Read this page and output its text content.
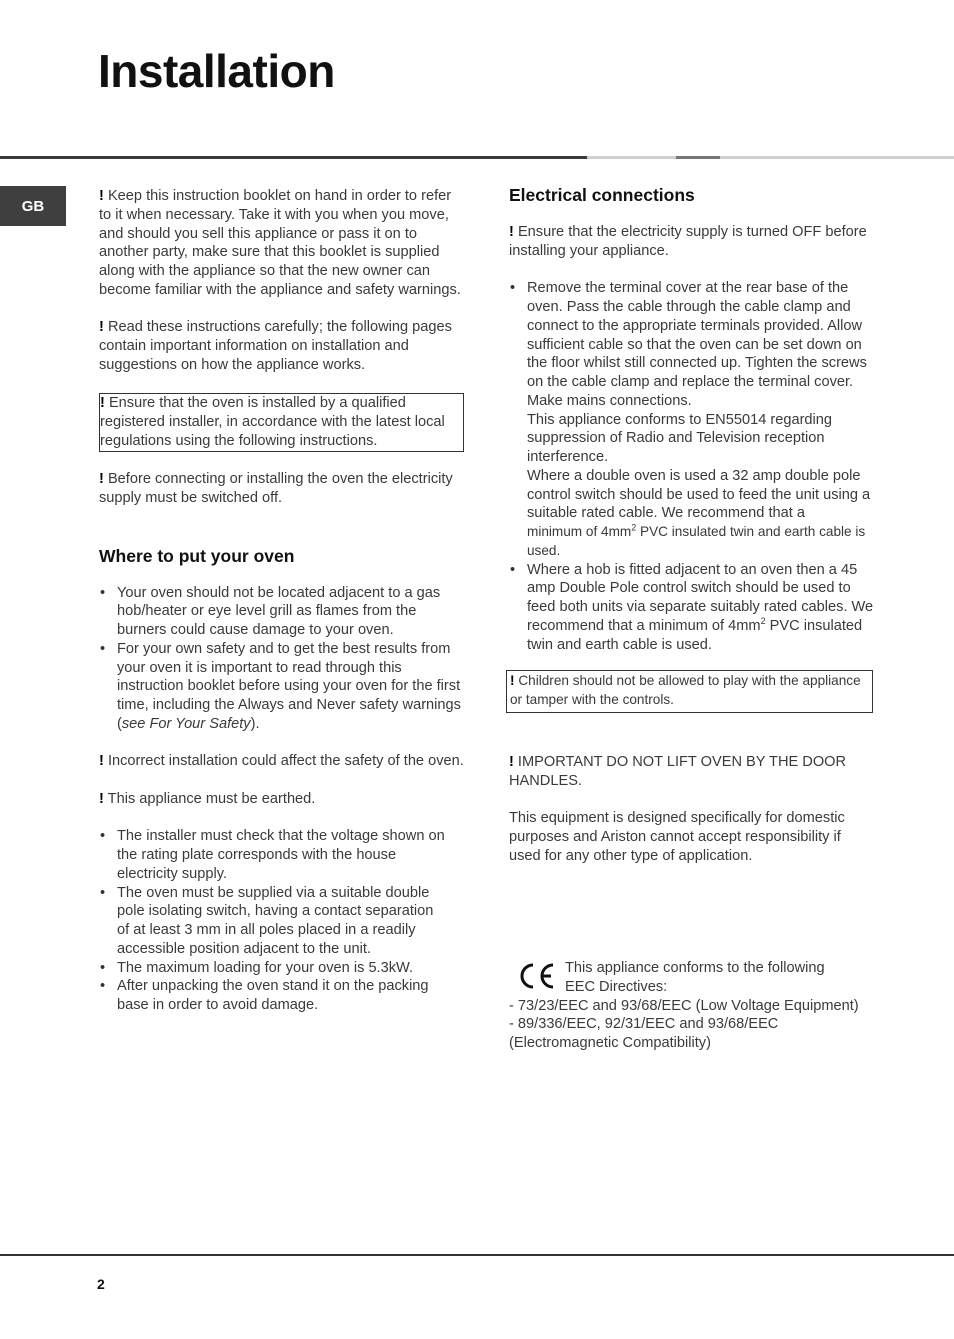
Installation
GB

! Keep this instruction booklet on hand in order to refer to it when necessary. Take it with you when you move, and should you sell this appliance or pass it on to another party, make sure that this booklet is supplied along with the appliance so that the new owner can become familiar with the appliance and safety warnings.

! Read these instructions carefully; the following pages contain important information on installation and suggestions on how the appliance works.

! Ensure that the oven is installed by a qualified registered installer, in accordance with the latest local regulations using the following instructions.

! Before connecting or installing the oven the electricity supply must be switched off.

Where to put your oven
• Your oven should not be located adjacent to a gas hob/heater or eye level grill as flames from the burners could cause damage to your oven.
• For your own safety and to get the best results from your oven it is important to read through this instruction booklet before using your oven for the first time, including the Always and Never safety warnings (see For Your Safety).

! Incorrect installation could affect the safety of the oven.

! This appliance must be earthed.

• The installer must check that the voltage shown on the rating plate corresponds with the house electricity supply.
• The oven must be supplied via a suitable double pole isolating switch, having a contact separation of at least 3 mm in all poles placed in a readily accessible position adjacent to the unit.
• The maximum loading for your oven is 5.3kW.
• After unpacking the oven stand it on the packing base in order to avoid damage.
Electrical connections

! Ensure that the electricity supply is turned OFF before installing your appliance.

• Remove the terminal cover at the rear base of the oven. Pass the cable through the cable clamp and connect to the appropriate terminals provided. Allow sufficient cable so that the oven can be set down on the floor whilst still connected up. Tighten the screws on the cable clamp and replace the terminal cover. Make mains connections.
This appliance conforms to EN55014 regarding suppression of Radio and Television reception interference.
Where a double oven is used a 32 amp double pole control switch should be used to feed the unit using a suitable rated cable. We recommend that a
minimum of $4mm^2$ PVC insulated twin and earth cable is used.
• Where a hob is fitted adjacent to an oven then a 45 amp Double Pole control switch should be used to feed both units via separate suitably rated cables. We recommend that a minimum of $4mm^2$ PVC insulated twin and earth cable is used.

! Children should not be allowed to play with the appliance or tamper with the controls.

! IMPORTANT DO NOT LIFT OVEN BY THE DOOR HANDLES.

This equipment is designed specifically for domestic purposes and Ariston cannot accept responsibility if used for any other type of application.

This appliance conforms to the following

EEC Directives:

- 73/23/EEC and 93/68/EEC (Low Voltage Equipment)

- 89/336/EEC, 92/31/EEC and 93/68/EEC

(Electromagnetic Compatibility)

2
